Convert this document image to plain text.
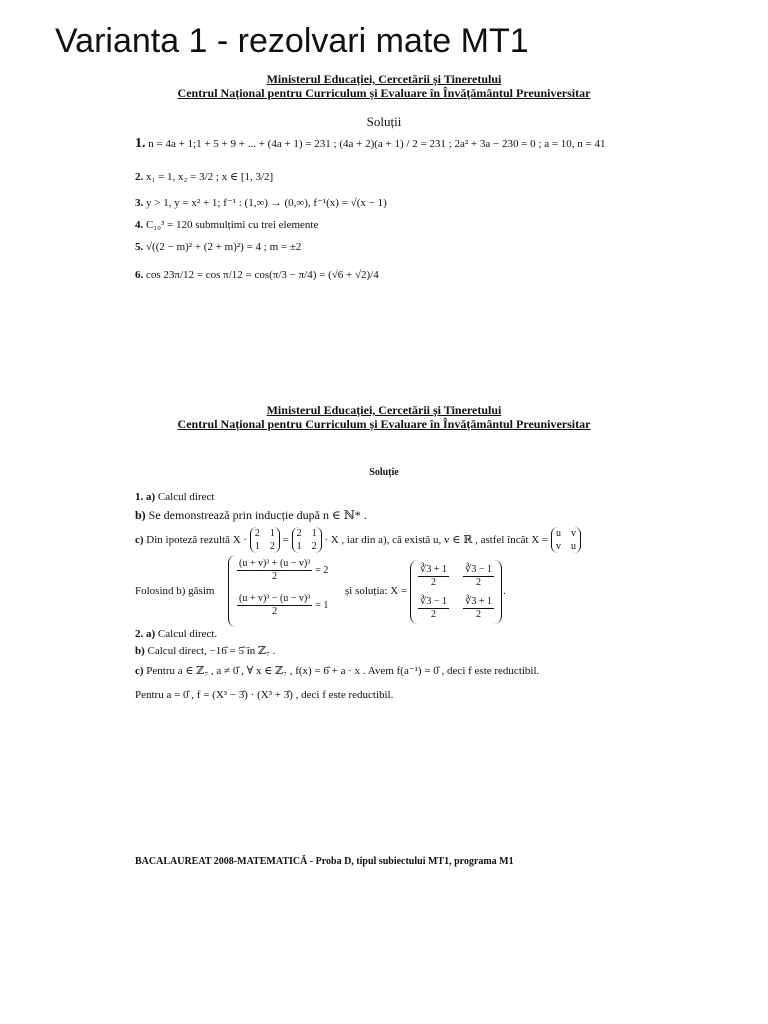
Varianta 1 - rezolvari mate MT1
Ministerul Educației, Cercetării și Tineretului
Centrul Național pentru Curriculum și Evaluare în Învățământul Preuniversitar
Soluții
1. n = 4a + 1;1 + 5 + 9 + ... + (4a + 1) = 231 ; (4a + 2)(a + 1) / 2 = 231 ; 2a² + 3a − 230 = 0 ; a = 10, n = 41
2. x₁ = 1, x₂ = 3/2 ; x ∈ [1, 3/2]
3. y > 1, y = x² + 1; f⁻¹ : (1,∞) → (0,∞), f⁻¹(x) = √(x − 1)
4. C₁₀³ = 120 submulțimi cu trei elemente
5. √((2 − m)² + (2 + m)²) = 4 ; m = ±2
6. cos 23π/12 = cos π/12 = cos(π/3 − π/4) = (√6 + √2)/4
Ministerul Educației, Cercetării și Tineretului
Centrul Național pentru Curriculum și Evaluare în Învățământul Preuniversitar
Soluție
1. a) Calcul direct
b) Se demonstrează prin inducție după n ∈ ℕ* .
c) Din ipoteză rezultă X ·
2 1
1 2
=
2 1
1 2
· X , iar din a), că există u, v ∈ ℝ , astfel încât X =
u v
v u
Folosind b) găsim
$\frac{\text{(u + v)³ + (u − v)³}}{2} = 2$
$\frac{\text{(u + v)³ − (u − v)³}}{2} = 1$
și soluția: X =
$\frac{∛3 + 1}{2} \frac{∛3 - 1}{2}$
$\frac{∛3 - 1}{2} \frac{∛3 + 1}{2}$
.
2. a) Calcul direct.
b) Calcul direct, −16̂ = 5̂ în ℤ₇ .
c) Pentru a ∈ ℤ₇ , a ≠ 0̂ , ∀ x ∈ ℤ₇ , f(x) = 6̂ + a · x . Avem f(a⁻¹) = 0̂ , deci f este reductibil.
Pentru a = 0̂ , f = (X³ − 3̂) · (X³ + 3̂) , deci f este reductibil.
BACALAUREAT 2008-MATEMATICĂ - Proba D, tipul subiectului MT1, programa M1
